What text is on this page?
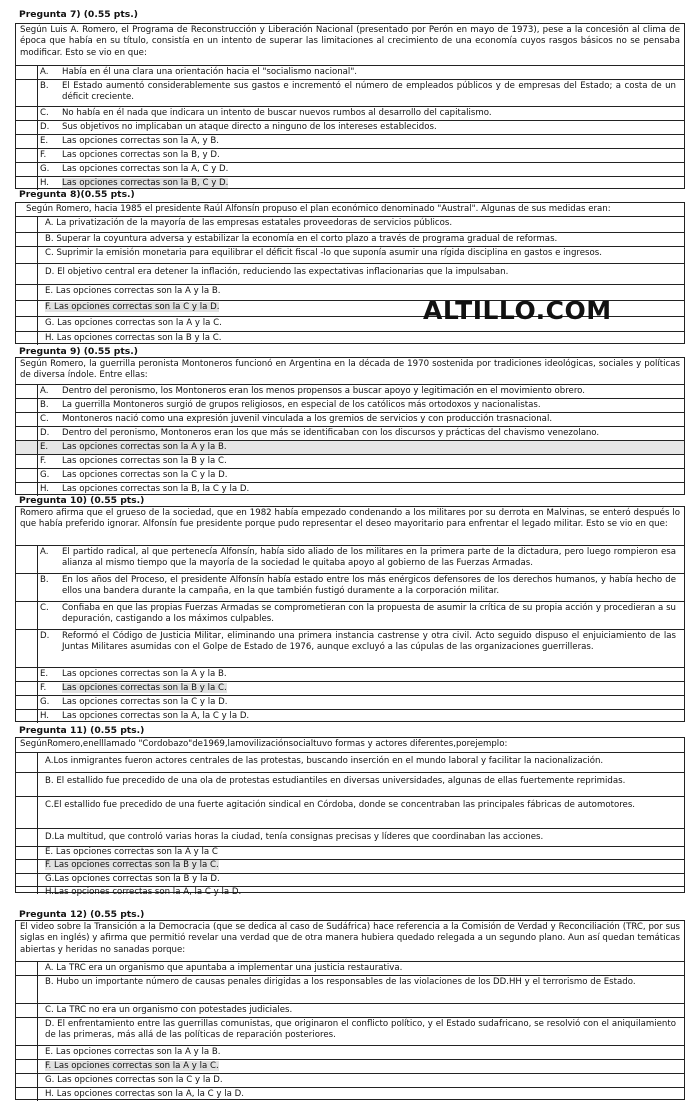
Pregunta 7) (0.55 pts.)
Según Luis A. Romero, el Programa de Reconstrucción y Liberación Nacional (presentado por Perón en mayo de 1973), pese a la concesión al clima de época que había en su título, consistía en un intento de superar las limitaciones al crecimiento de una economía cuyos rasgos básicos no se pensaba modificar. Esto se vio en que:
A. Había en él una clara una orientación hacia el "socialismo nacional".
B. El Estado aumentó considerablemente sus gastos e incrementó el número de empleados públicos y de empresas del Estado; a costa de un déficit creciente.
C. No había en él nada que indicara un intento de buscar nuevos rumbos al desarrollo del capitalismo.
D. Sus objetivos no implicaban un ataque directo a ninguno de los intereses establecidos.
E. Las opciones correctas son la A, y B.
F. Las opciones correctas son la B, y D.
G. Las opciones correctas son la A, C y D.
H. Las opciones correctas son la B, C y D.
Pregunta 8)(0.55 pts.)
Según Romero, hacia 1985 el presidente Raúl Alfonsín propuso el plan económico denominado "Austral". Algunas de sus medidas eran:
A. La privatización de la mayoría de las empresas estatales proveedoras de servicios públicos.
B. Superar la coyuntura adversa y estabilizar la economía en el corto plazo a través de programa gradual de reformas.
C. Suprimir la emisión monetaria para equilibrar el déficit fiscal -lo que suponía asumir una rígida disciplina en gastos e ingresos.
D. El objetivo central era detener la inflación, reduciendo las expectativas inflacionarias que la impulsaban.
E. Las opciones correctas son la A y la B.
F. Las opciones correctas son la C y la D.
G. Las opciones correctas son la A y la C.
H. Las opciones correctas son la B y la C.
ALTILLO.COM
Pregunta 9) (0.55 pts.)
Según Romero, la guerrilla peronista Montoneros funcionó en Argentina en la década de 1970 sostenida por tradiciones ideológicas, sociales y políticas de diversa índole. Entre ellas:
A. Dentro del peronismo, los Montoneros eran los menos propensos a buscar apoyo y legitimación en el movimiento obrero.
B. La guerrilla Montoneros surgió de grupos religiosos, en especial de los católicos más ortodoxos y nacionalistas.
C. Montoneros nació como una expresión juvenil vinculada a los gremios de servicios y con producción trasnacional.
D. Dentro del peronismo, Montoneros eran los que más se identificaban con los discursos y prácticas del chavismo venezolano.
E. Las opciones correctas son la A y la B.
F. Las opciones correctas son la B y la C.
G. Las opciones correctas son la C y la D.
H. Las opciones correctas son la B, la C y la D.
Pregunta 10) (0.55 pts.)
Romero afirma que el grueso de la sociedad, que en 1982 había empezado condenando a los militares por su derrota en Malvinas, se enteró después lo que había preferido ignorar. Alfonsín fue presidente porque pudo representar el deseo mayoritario para enfrentar el legado militar. Esto se vio en que:
A. El partido radical, al que pertenecía Alfonsín, había sido aliado de los militares en la primera parte de la dictadura, pero luego rompieron esa alianza al mismo tiempo que la mayoría de la sociedad le quitaba apoyo al gobierno de las Fuerzas Armadas.
B. En los años del Proceso, el presidente Alfonsín había estado entre los más enérgicos defensores de los derechos humanos, y había hecho de ellos una bandera durante la campaña, en la que también fustigó duramente a la corporación militar.
C. Confiaba en que las propias Fuerzas Armadas se comprometieran con la propuesta de asumir la crítica de su propia acción y procedieran a su depuración, castigando a los máximos culpables.
D. Reformó el Código de Justicia Militar, eliminando una primera instancia castrense y otra civil. Acto seguido dispuso el enjuiciamiento de las Juntas Militares asumidas con el Golpe de Estado de 1976, aunque excluyó a las cúpulas de las organizaciones guerrilleras.
E. Las opciones correctas son la A y la B.
F. Las opciones correctas son la B y la C.
G. Las opciones correctas son la C y la D.
H. Las opciones correctas son la A, la C y la D.
Pregunta 11) (0.55 pts.)
SegúnRomero,enelllamado "Cordobazo"de1969,lamovilizaciónsocialtuvo formas y actores diferentes,porejemplo:
A.Los inmigrantes fueron actores centrales de las protestas, buscando inserción en el mundo laboral y facilitar la nacionalización.
B. El estallido fue precedido de una ola de protestas estudiantiles en diversas universidades, algunas de ellas fuertemente reprimidas.
C.El estallido fue precedido de una fuerte agitación sindical en Córdoba, donde se concentraban las principales fábricas de automotores.
D.La multitud, que controló varias horas la ciudad, tenía consignas precisas y líderes que coordinaban las acciones.
E. Las opciones correctas son la A y la C
F. Las opciones correctas son la B y la C.
G.Las opciones correctas son la B y la D.
H.Las opciones correctas son la A, la C y la D.
Pregunta 12) (0.55 pts.)
El video sobre la Transición a la Democracia (que se dedica al caso de Sudáfrica) hace referencia a la Comisión de Verdad y Reconciliación (TRC, por sus siglas en inglés) y afirma que permitió revelar una verdad que de otra manera hubiera quedado relegada a un segundo plano. Aun así quedan temáticas abiertas y heridas no sanadas porque:
A. La TRC era un organismo que apuntaba a implementar una justicia restaurativa.
B. Hubo un importante número de causas penales dirigidas a los responsables de las violaciones de los DD.HH y el terrorismo de Estado.
C. La TRC no era un organismo con potestades judiciales.
D. El enfrentamiento entre las guerrillas comunistas, que originaron el conflicto político, y el Estado sudafricano, se resolvió con el aniquilamiento de las primeras, más allá de las políticas de reparación posteriores.
E. Las opciones correctas son la A y la B.
F. Las opciones correctas son la A y la C.
G. Las opciones correctas son la C y la D.
H. Las opciones correctas son la A, la C y la D.
